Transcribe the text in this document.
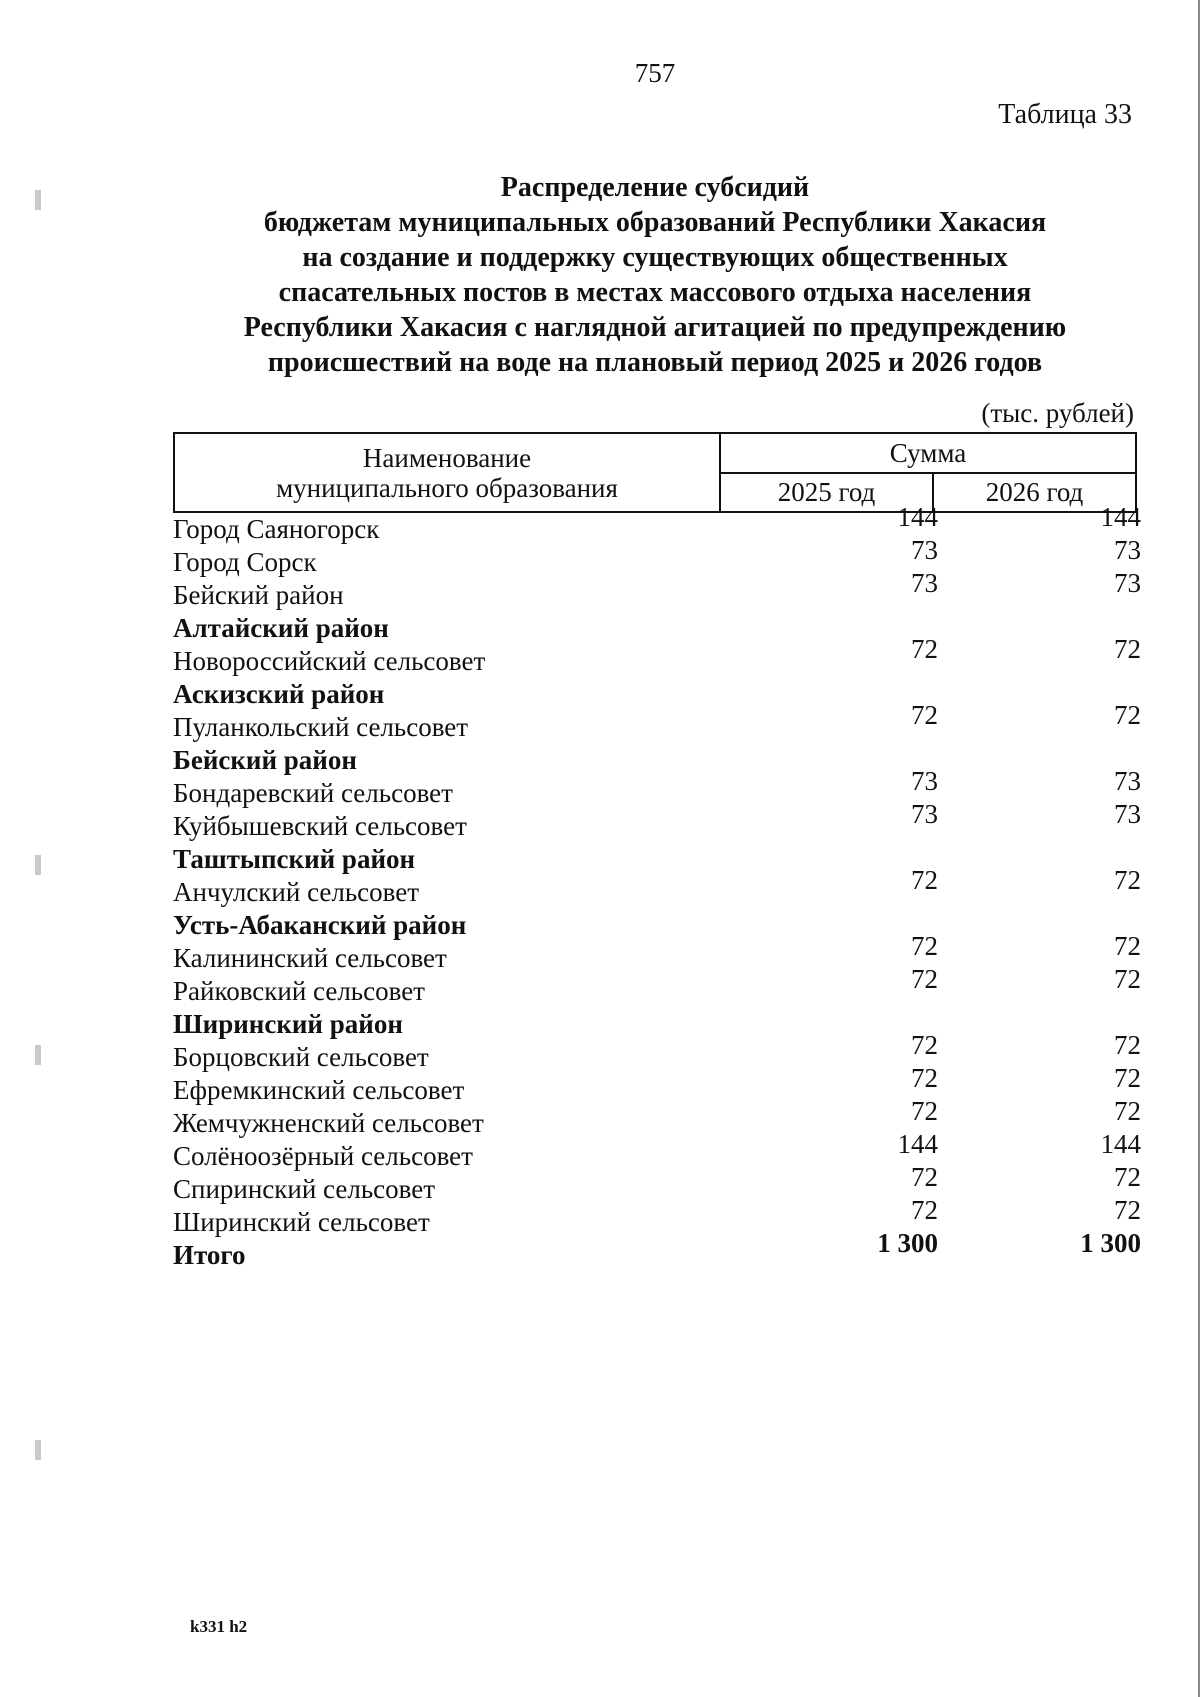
757
Таблица 33
Распределение субсидий
бюджетам муниципальных образований Республики Хакасия
на создание и поддержку существующих общественных
спасательных постов в местах массового отдыха населения
Республики Хакасия с наглядной агитацией по предупреждению
происшествий на воде на плановый период 2025 и 2026 годов
(тыс. рублей)
Наименование
муниципального образования	Сумма	
	2025 год	2026 год
Город Саяногорск	144	144
Город Сорск	73	73
Бейский район	73	73
Алтайский район
Новороссийский сельсовет	72	72
Аскизский район
Пуланкольский сельсовет	72	72
Бейский район
Бондаревский сельсовет	73	73
Куйбышевский сельсовет	73	73
Таштыпский район
Анчулский сельсовет	72	72
Усть-Абаканский район
Калининский сельсовет	72	72
Райковский сельсовет	72	72
Ширинский район
Борцовский сельсовет	72	72
Ефремкинский сельсовет	72	72
Жемчужненский сельсовет	72	72
Солёноозёрный сельсовет	144	144
Спиринский сельсовет	72	72
Ширинский сельсовет	72	72
Итого	1 300	1 300
k331 h2
